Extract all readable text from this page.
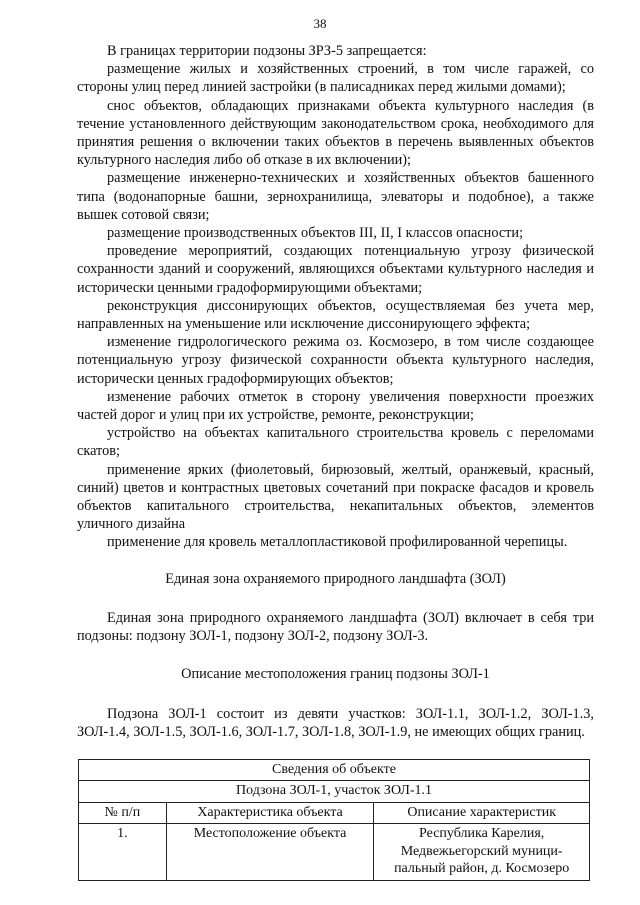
38

В границах территории подзоны ЗРЗ-5 запрещается:

размещение жилых и хозяйственных строений, в том числе гаражей, со стороны улиц перед линией застройки (в палисадниках перед жилыми домами);

снос объектов, обладающих признаками объекта культурного наследия (в течение установленного действующим законодательством срока, необходимого для принятия решения о включении таких объектов в перечень выявленных объектов культурного наследия либо об отказе в их включении);

размещение инженерно-технических и хозяйственных объектов башенного типа (водонапорные башни, зернохранилища, элеваторы и подобное), а также вышек сотовой связи;

размещение производственных объектов III, II, I классов опасности;

проведение мероприятий, создающих потенциальную угрозу физической сохранности зданий и сооружений, являющихся объектами культурного наследия и исторически ценными градоформирующими объектами;

реконструкция диссонирующих объектов, осуществляемая без учета мер, направленных на уменьшение или исключение диссонирующего эффекта;

изменение гидрологического режима оз. Космозеро, в том числе создающее потенциальную угрозу физической сохранности объекта культурного наследия, исторически ценных градоформирующих объектов;

изменение рабочих отметок в сторону увеличения поверхности проезжих частей дорог и улиц при их устройстве, ремонте, реконструкции;

устройство на объектах капитального строительства кровель с переломами скатов;

применение ярких (фиолетовый, бирюзовый, желтый, оранжевый, красный, синий) цветов и контрастных цветовых сочетаний при покраске фасадов и кровель объектов капитального строительства, некапитальных объектов, элементов уличного дизайна

применение для кровель металлопластиковой профилированной черепицы.

Единая зона охраняемого природного ландшафта (ЗОЛ)

Единая зона природного охраняемого ландшафта (ЗОЛ) включает в себя три подзоны: подзону ЗОЛ-1, подзону ЗОЛ-2, подзону ЗОЛ-3.

Описание местоположения границ подзоны ЗОЛ-1

Подзона ЗОЛ-1 состоит из девяти участков: ЗОЛ-1.1, ЗОЛ-1.2, ЗОЛ-1.3, ЗОЛ-1.4, ЗОЛ-1.5, ЗОЛ-1.6, ЗОЛ-1.7, ЗОЛ-1.8, ЗОЛ-1.9, не имеющих общих границ.

Сведения об объекте		
Подзона ЗОЛ-1, участок ЗОЛ-1.1		
№ п/п	Характеристика объекта	Описание характеристик
1.	Местоположение объекта	Республика Карелия, Медвежьегорский муници-пальный район, д. Космозеро
